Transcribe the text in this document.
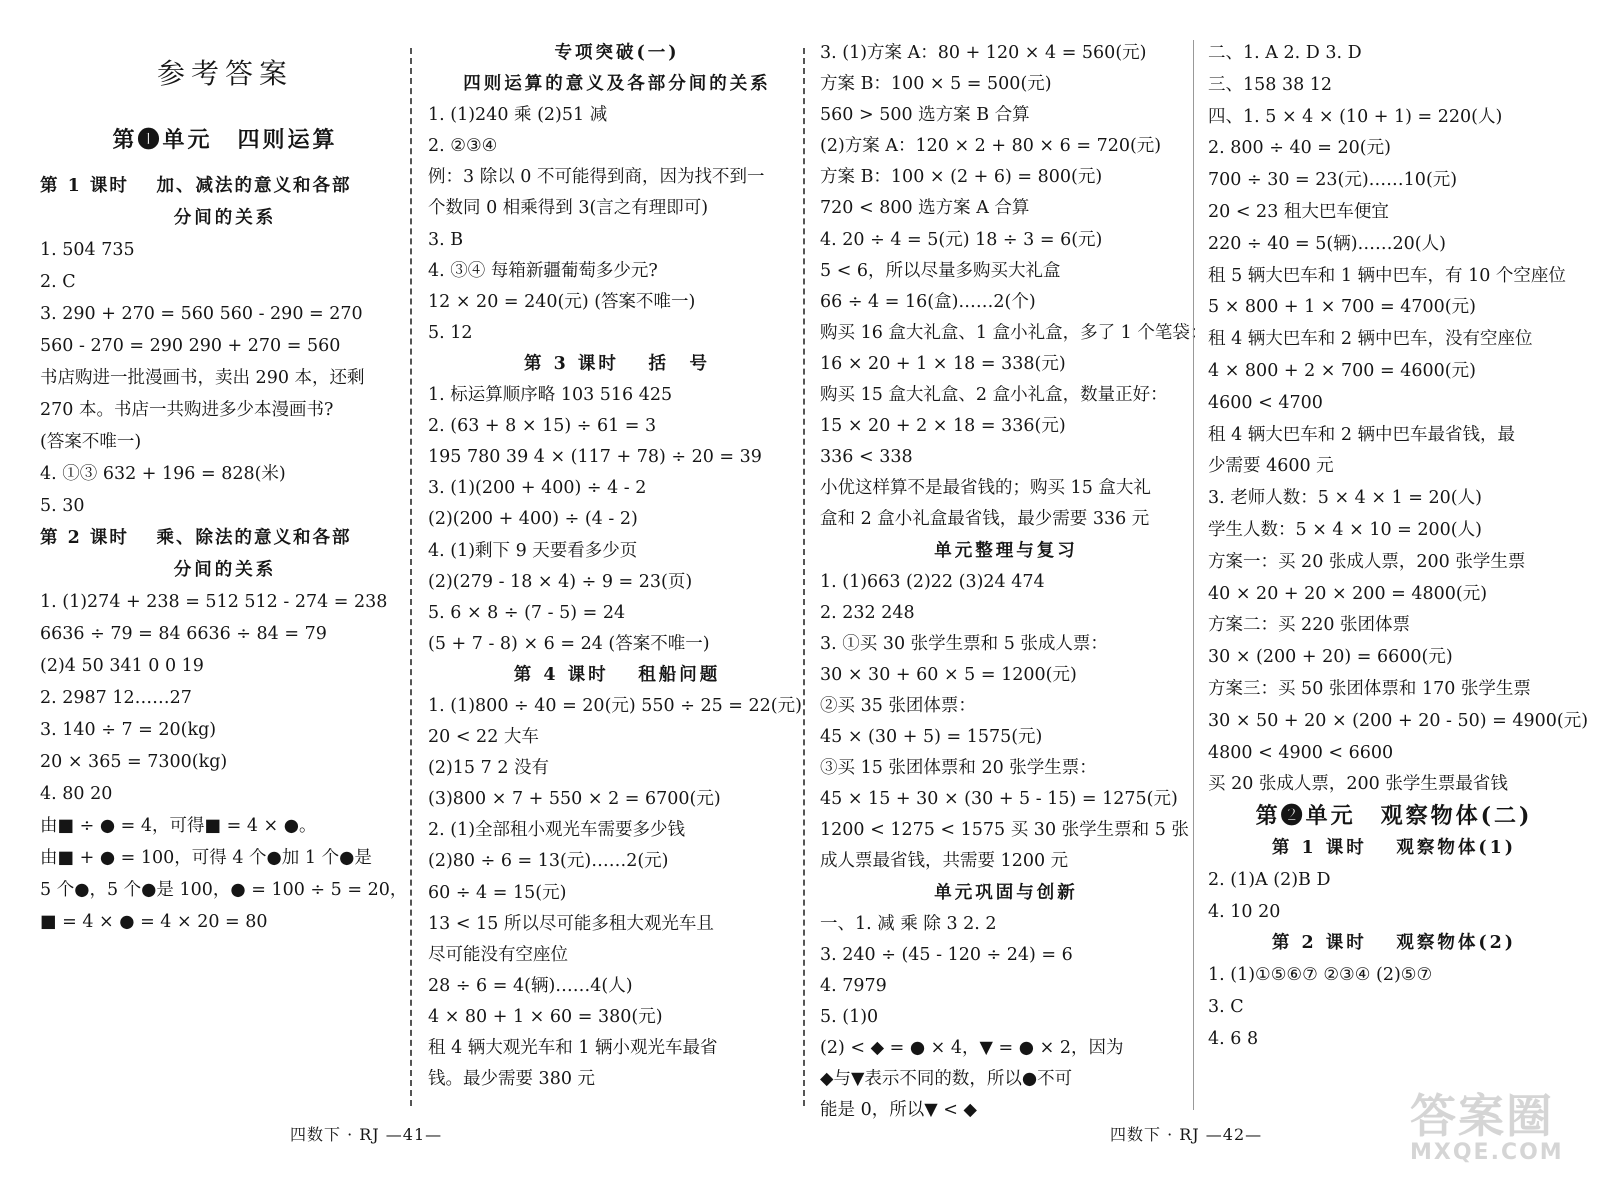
参考答案
第❶单元　四则运算
第 1 课时　 加、减法的意义和各部
分间的关系
1. 504 735
2. C
3. 290 + 270 = 560 560 - 290 = 270
560 - 270 = 290 290 + 270 = 560
书店购进一批漫画书，卖出 290 本，还剩
270 本。书店一共购进多少本漫画书?
(答案不唯一)
4. ①③ 632 + 196 = 828(米)
5. 30
第 2 课时　 乘、除法的意义和各部
分间的关系
1. (1)274 + 238 = 512 512 - 274 = 238
6636 ÷ 79 = 84 6636 ÷ 84 = 79
(2)4 50 341 0 0 19
2. 2987 12……27
3. 140 ÷ 7 = 20(kg)
20 × 365 = 7300(kg)
4. 80 20
由■ ÷ ● = 4，可得■ = 4 × ●。
由■ + ● = 100，可得 4 个●加 1 个●是
5 个●，5 个●是 100，● = 100 ÷ 5 = 20，
■ = 4 × ● = 4 × 20 = 80
专项突破(一)
四则运算的意义及各部分间的关系
1. (1)240 乘 (2)51 减
2. ②③④
例：3 除以 0 不可能得到商，因为找不到一
个数同 0 相乘得到 3(言之有理即可)
3. B
4. ③④ 每箱新疆葡萄多少元?
12 × 20 = 240(元) (答案不唯一)
5. 12
第 3 课时　 括　号
1. 标运算顺序略 103 516 425
2. (63 + 8 × 15) ÷ 61 = 3
195 780 39 4 × (117 + 78) ÷ 20 = 39
3. (1)(200 + 400) ÷ 4 - 2
(2)(200 + 400) ÷ (4 - 2)
4. (1)剩下 9 天要看多少页
(2)(279 - 18 × 4) ÷ 9 = 23(页)
5. 6 × 8 ÷ (7 - 5) = 24
(5 + 7 - 8) × 6 = 24 (答案不唯一)
第 4 课时　 租船问题
1. (1)800 ÷ 40 = 20(元) 550 ÷ 25 = 22(元)
20 < 22 大车
(2)15 7 2 没有
(3)800 × 7 + 550 × 2 = 6700(元)
2. (1)全部租小观光车需要多少钱
(2)80 ÷ 6 = 13(元)……2(元)
60 ÷ 4 = 15(元)
13 < 15 所以尽可能多租大观光车且
尽可能没有空座位
28 ÷ 6 = 4(辆)……4(人)
4 × 80 + 1 × 60 = 380(元)
租 4 辆大观光车和 1 辆小观光车最省
钱。最少需要 380 元
3. (1)方案 A：80 + 120 × 4 = 560(元)
方案 B：100 × 5 = 500(元)
560 > 500 选方案 B 合算
(2)方案 A：120 × 2 + 80 × 6 = 720(元)
方案 B：100 × (2 + 6) = 800(元)
720 < 800 选方案 A 合算
4. 20 ÷ 4 = 5(元) 18 ÷ 3 = 6(元)
5 < 6，所以尽量多购买大礼盒
66 ÷ 4 = 16(盒)……2(个)
购买 16 盒大礼盒、1 盒小礼盒，多了 1 个笔袋：
16 × 20 + 1 × 18 = 338(元)
购买 15 盒大礼盒、2 盒小礼盒，数量正好：
15 × 20 + 2 × 18 = 336(元)
336 < 338
小优这样算不是最省钱的；购买 15 盒大礼
盒和 2 盒小礼盒最省钱，最少需要 336 元
单元整理与复习
1. (1)663 (2)22 (3)24 474
2. 232 248
3. ①买 30 张学生票和 5 张成人票：
30 × 30 + 60 × 5 = 1200(元)
②买 35 张团体票：
45 × (30 + 5) = 1575(元)
③买 15 张团体票和 20 张学生票：
45 × 15 + 30 × (30 + 5 - 15) = 1275(元)
1200 < 1275 < 1575 买 30 张学生票和 5 张
成人票最省钱，共需要 1200 元
单元巩固与创新
一、1. 减 乘 除 3 2. 2
3. 240 ÷ (45 - 120 ÷ 24) = 6
4. 7979
5. (1)0
(2) < ◆ = ● × 4，▼ = ● × 2，因为
◆与▼表示不同的数，所以●不可
能是 0，所以▼ < ◆
二、1. A 2. D 3. D
三、158 38 12
四、1. 5 × 4 × (10 + 1) = 220(人)
2. 800 ÷ 40 = 20(元)
700 ÷ 30 = 23(元)……10(元)
20 < 23 租大巴车便宜
220 ÷ 40 = 5(辆)……20(人)
租 5 辆大巴车和 1 辆中巴车，有 10 个空座位
5 × 800 + 1 × 700 = 4700(元)
租 4 辆大巴车和 2 辆中巴车，没有空座位
4 × 800 + 2 × 700 = 4600(元)
4600 < 4700
租 4 辆大巴车和 2 辆中巴车最省钱，最
少需要 4600 元
3. 老师人数：5 × 4 × 1 = 20(人)
学生人数：5 × 4 × 10 = 200(人)
方案一：买 20 张成人票，200 张学生票
40 × 20 + 20 × 200 = 4800(元)
方案二：买 220 张团体票
30 × (200 + 20) = 6600(元)
方案三：买 50 张团体票和 170 张学生票
30 × 50 + 20 × (200 + 20 - 50) = 4900(元)
4800 < 4900 < 6600
买 20 张成人票，200 张学生票最省钱
第❷单元　观察物体(二)
第 1 课时　 观察物体(1)
2. (1)A (2)B D
4. 10 20
第 2 课时　 观察物体(2)
1. (1)①⑤⑥⑦ ②③④ (2)⑤⑦
3. C
4. 6 8
四数下 · RJ —41—	四数下 · RJ —42—	答案圈
MXQE.COM
